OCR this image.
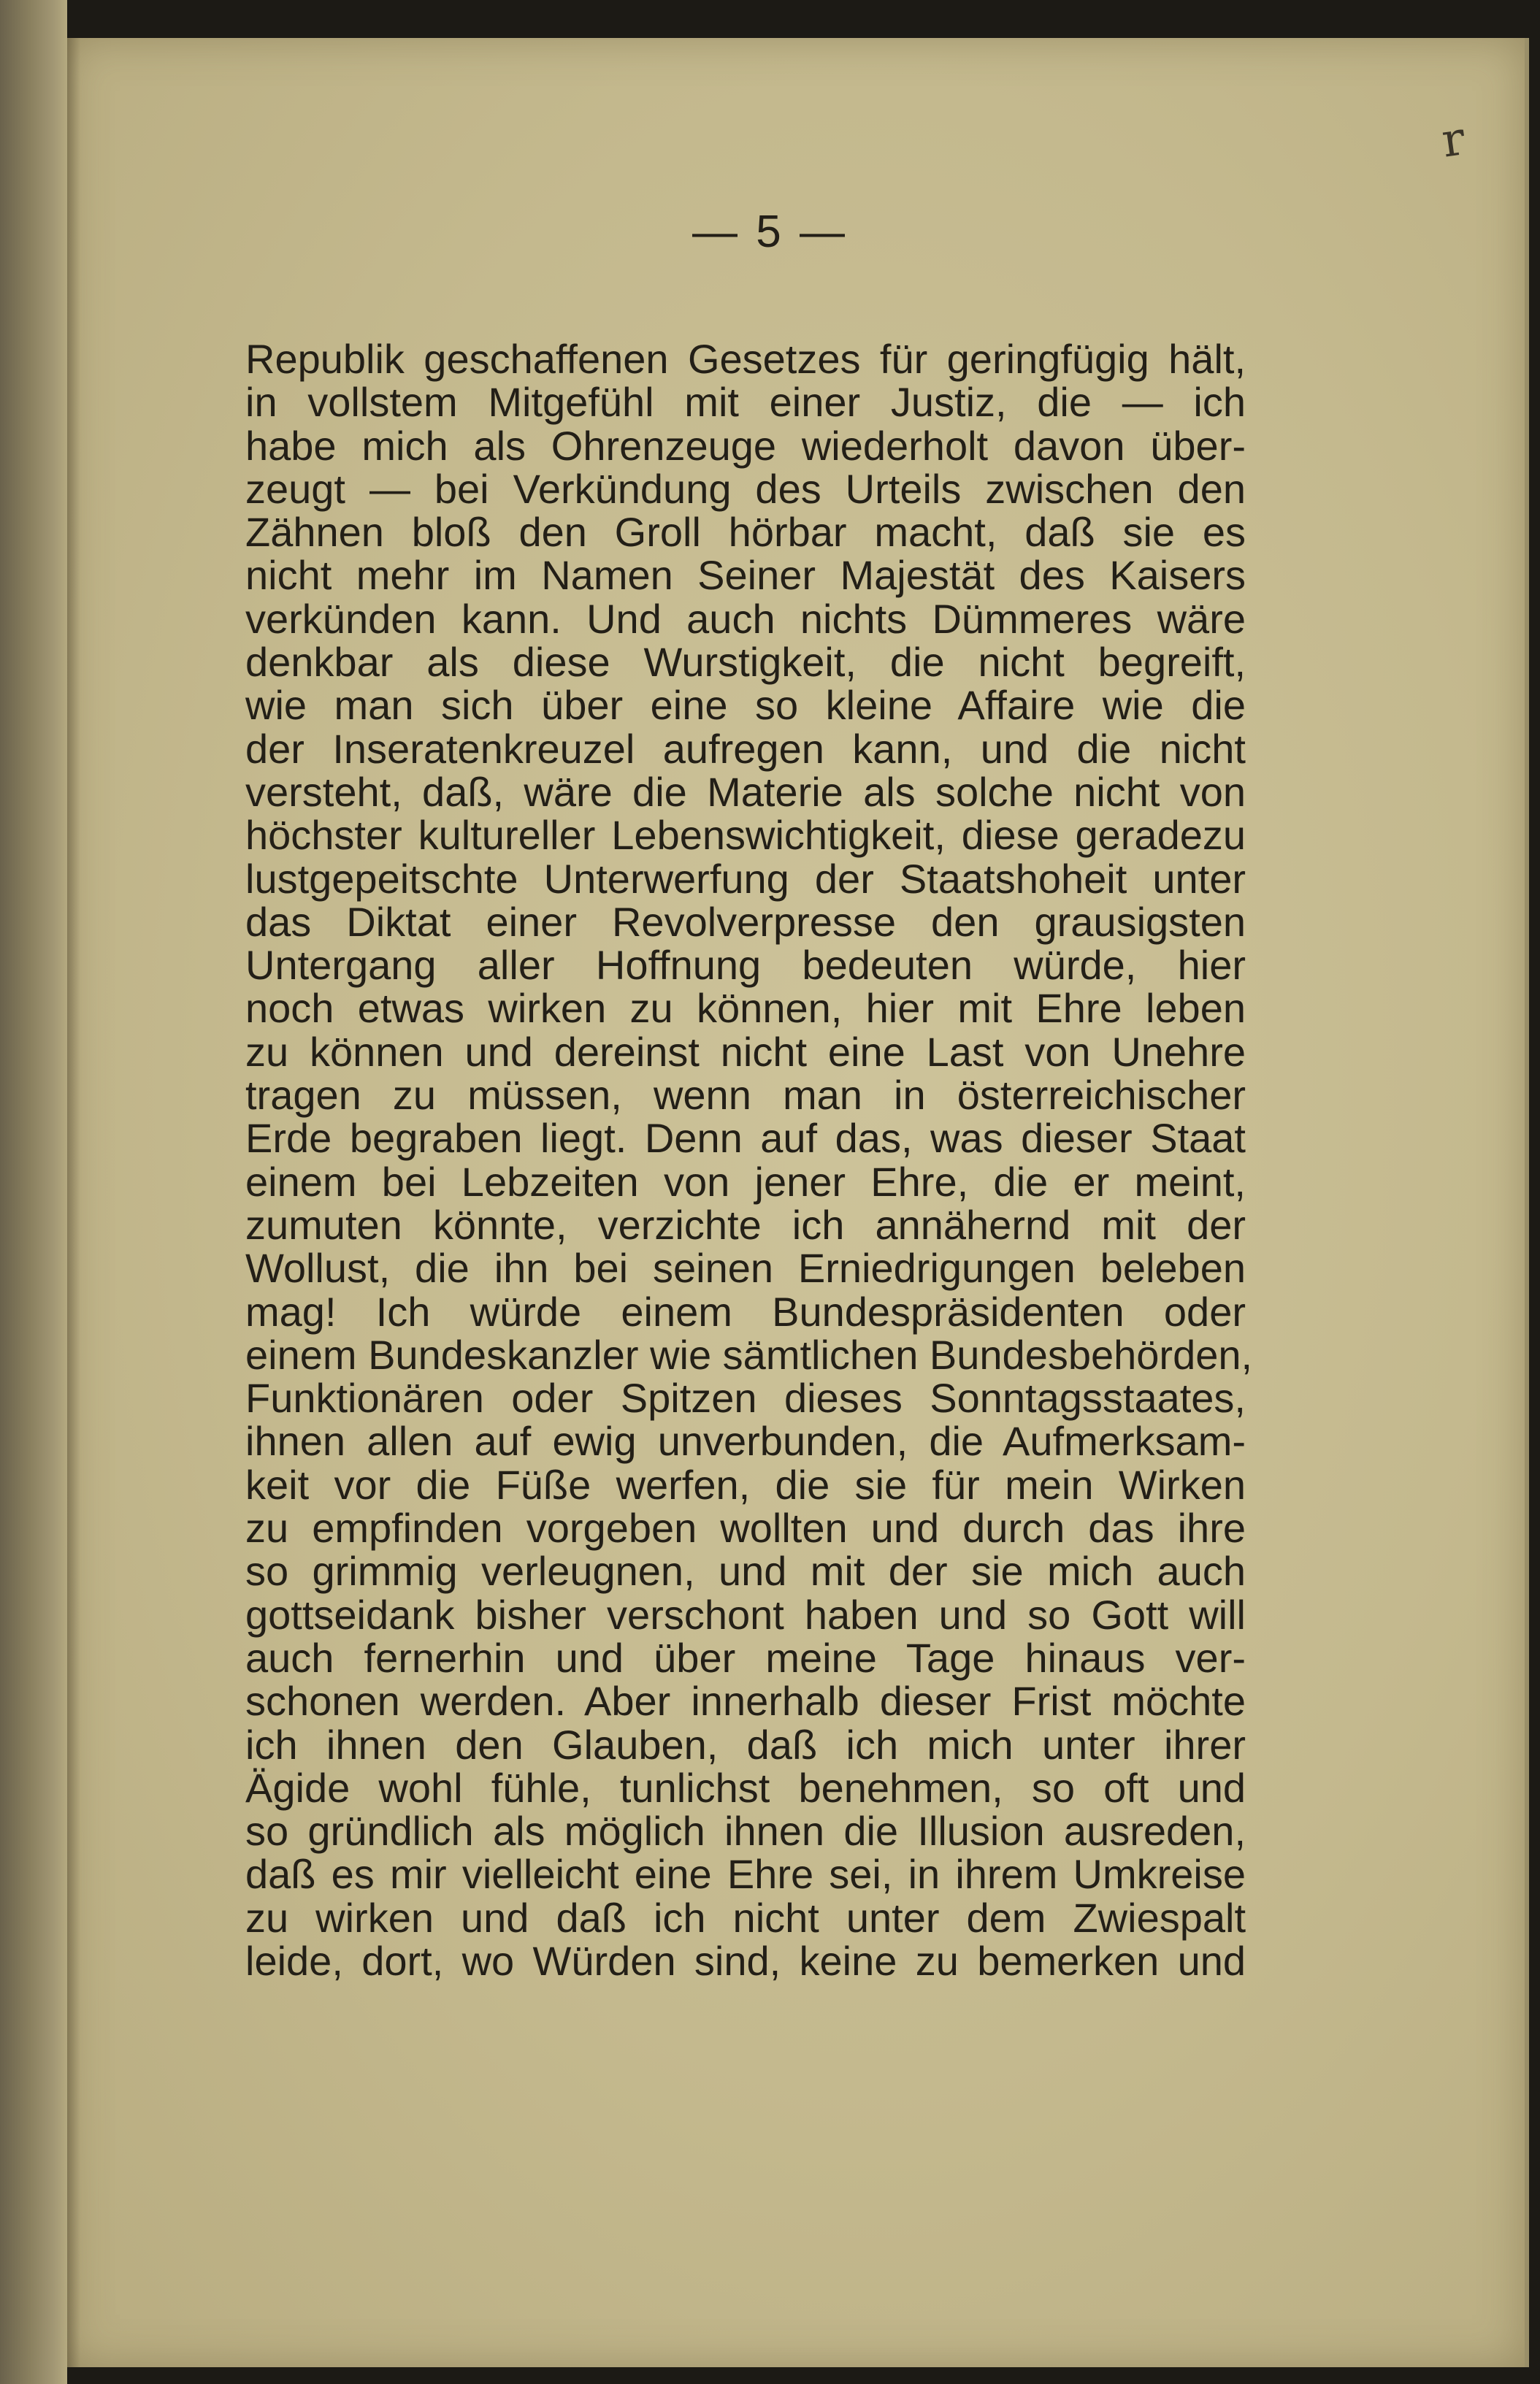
r
— 5 —
Republik geschaffenen Gesetzes für geringfügig hält,
in vollstem Mitgefühl mit einer Justiz, die — ich
habe mich als Ohrenzeuge wiederholt davon über-
zeugt — bei Verkündung des Urteils zwischen den
Zähnen bloß den Groll hörbar macht, daß sie es
nicht mehr im Namen Seiner Majestät des Kaisers
verkünden kann. Und auch nichts Dümmeres wäre
denkbar als diese Wurstigkeit, die nicht begreift,
wie man sich über eine so kleine Affaire wie die
der Inseratenkreuzel aufregen kann, und die nicht
versteht, daß, wäre die Materie als solche nicht von
höchster kultureller Lebenswichtigkeit, diese geradezu
lustgepeitschte Unterwerfung der Staatshoheit unter
das Diktat einer Revolverpresse den grausigsten
Untergang aller Hoffnung bedeuten würde, hier
noch etwas wirken zu können, hier mit Ehre leben
zu können und dereinst nicht eine Last von Unehre
tragen zu müssen, wenn man in österreichischer
Erde begraben liegt. Denn auf das, was dieser Staat
einem bei Lebzeiten von jener Ehre, die er meint,
zumuten könnte, verzichte ich annähernd mit der
Wollust, die ihn bei seinen Erniedrigungen beleben
mag! Ich würde einem Bundespräsidenten oder
einem Bundeskanzler wie sämtlichen Bundesbehörden,
Funktionären oder Spitzen dieses Sonntagsstaates,
ihnen allen auf ewig unverbunden, die Aufmerksam-
keit vor die Füße werfen, die sie für mein Wirken
zu empfinden vorgeben wollten und durch das ihre
so grimmig verleugnen, und mit der sie mich auch
gottseidank bisher verschont haben und so Gott will
auch fernerhin und über meine Tage hinaus ver-
schonen werden. Aber innerhalb dieser Frist möchte
ich ihnen den Glauben, daß ich mich unter ihrer
Ägide wohl fühle, tunlichst benehmen, so oft und
so gründlich als möglich ihnen die Illusion ausreden,
daß es mir vielleicht eine Ehre sei, in ihrem Umkreise
zu wirken und daß ich nicht unter dem Zwiespalt
leide, dort, wo Würden sind, keine zu bemerken und
